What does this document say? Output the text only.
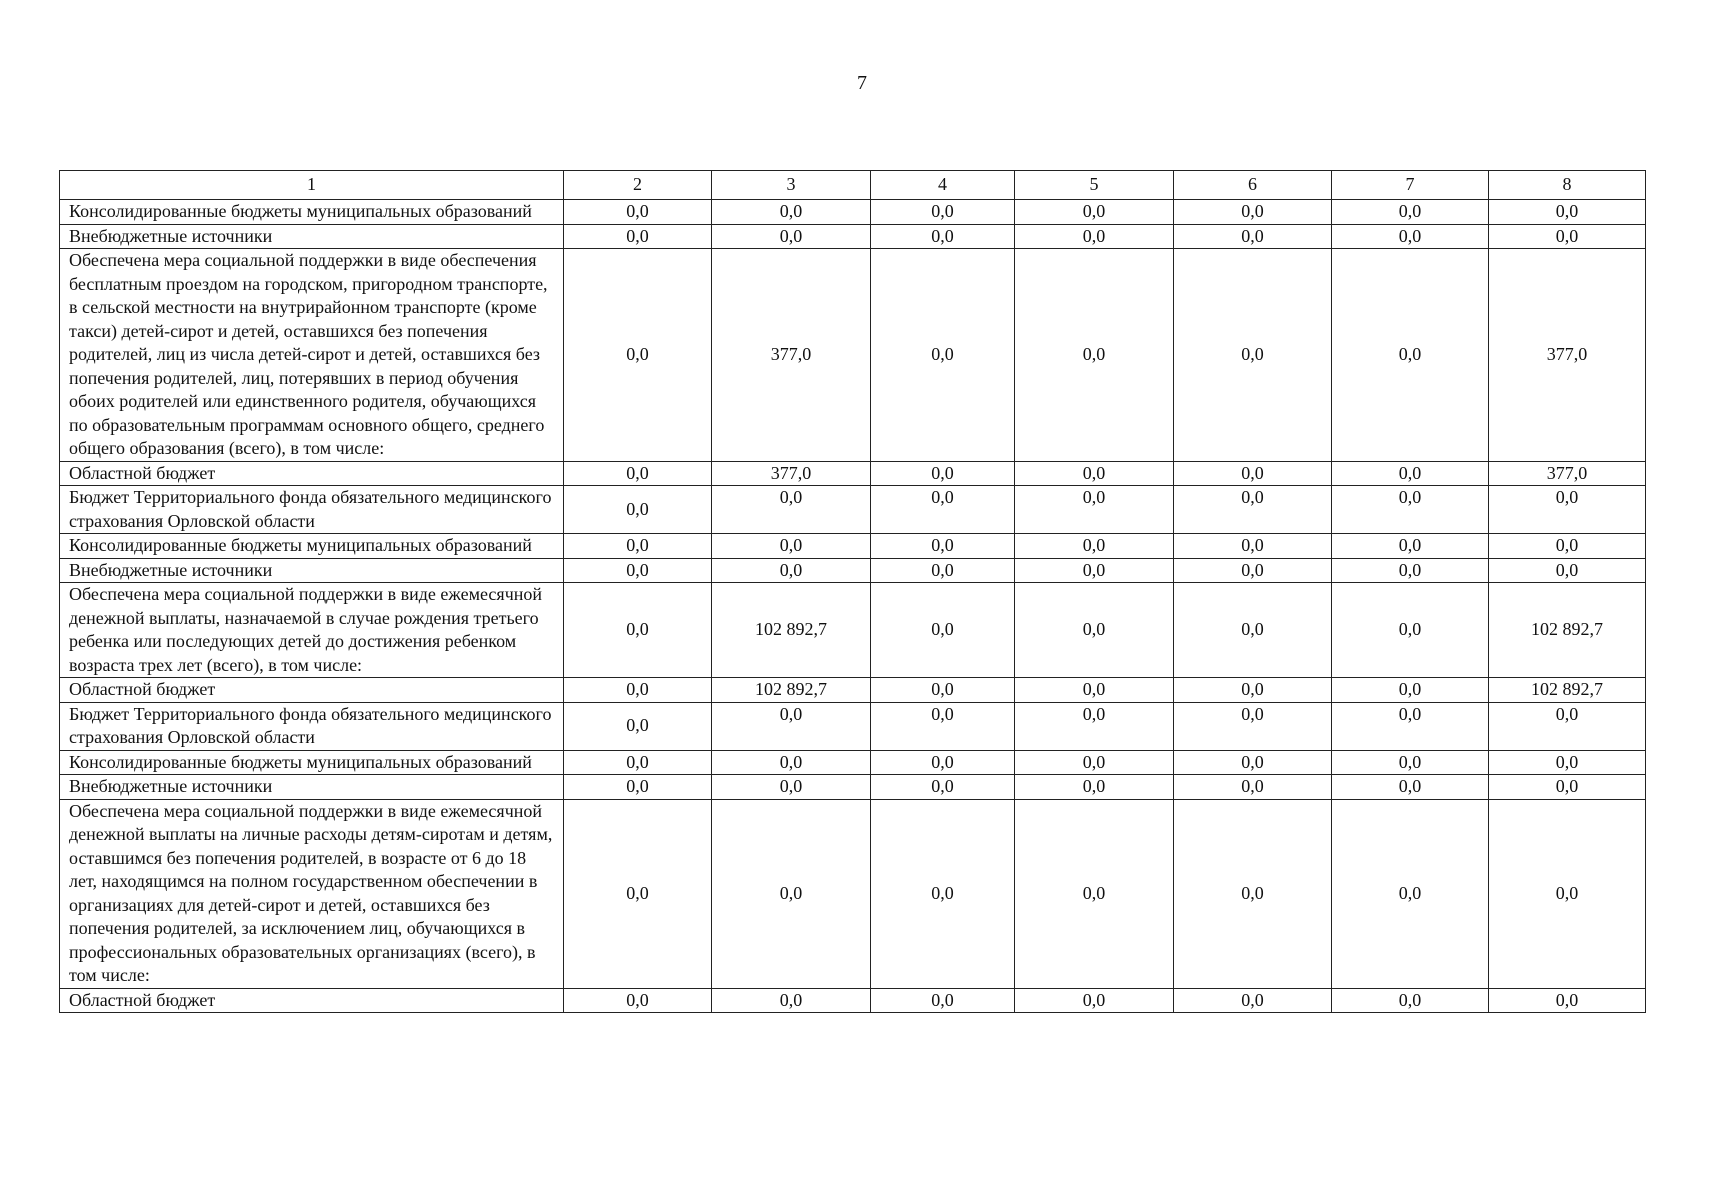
7
1	2	3	4	5	6	7	8
Консолидированные бюджеты муниципальных образований	0,0	0,0	0,0	0,0	0,0	0,0	0,0
Внебюджетные источники	0,0	0,0	0,0	0,0	0,0	0,0	0,0
Обеспечена мера социальной поддержки в виде обеспечения бесплатным проездом на городском, пригородном транспорте, в сельской местности на внутрирайонном транспорте (кроме такси) детей-сирот и детей, оставшихся без попечения родителей, лиц из числа детей-сирот и детей, оставшихся без попечения родителей, лиц, потерявших в период обучения обоих родителей или единственного родителя, обучающихся по образовательным программам основного общего, среднего общего образования (всего), в том числе:	0,0	377,0	0,0	0,0	0,0	0,0	377,0
Областной бюджет	0,0	377,0	0,0	0,0	0,0	0,0	377,0
Бюджет Территориального фонда обязательного медицинского страхования Орловской области	0,0	0,0	0,0	0,0	0,0	0,0	0,0
Консолидированные бюджеты муниципальных образований	0,0	0,0	0,0	0,0	0,0	0,0	0,0
Внебюджетные источники	0,0	0,0	0,0	0,0	0,0	0,0	0,0
Обеспечена мера социальной поддержки в виде ежемесячной денежной выплаты, назначаемой в случае рождения третьего ребенка или последующих детей до достижения ребенком возраста трех лет (всего), в том числе:	0,0	102 892,7	0,0	0,0	0,0	0,0	102 892,7
Областной бюджет	0,0	102 892,7	0,0	0,0	0,0	0,0	102 892,7
Бюджет Территориального фонда обязательного медицинского страхования Орловской области	0,0	0,0	0,0	0,0	0,0	0,0	0,0
Консолидированные бюджеты муниципальных образований	0,0	0,0	0,0	0,0	0,0	0,0	0,0
Внебюджетные источники	0,0	0,0	0,0	0,0	0,0	0,0	0,0
Обеспечена мера социальной поддержки в виде ежемесячной денежной выплаты на личные расходы детям-сиротам и детям, оставшимся без попечения родителей, в возрасте от 6 до 18 лет, находящимся на полном государственном обеспечении в организациях для детей-сирот и детей, оставшихся без попечения родителей, за исключением лиц, обучающихся в профессиональных образовательных организациях (всего), в том числе:	0,0	0,0	0,0	0,0	0,0	0,0	0,0
Областной бюджет	0,0	0,0	0,0	0,0	0,0	0,0	0,0
